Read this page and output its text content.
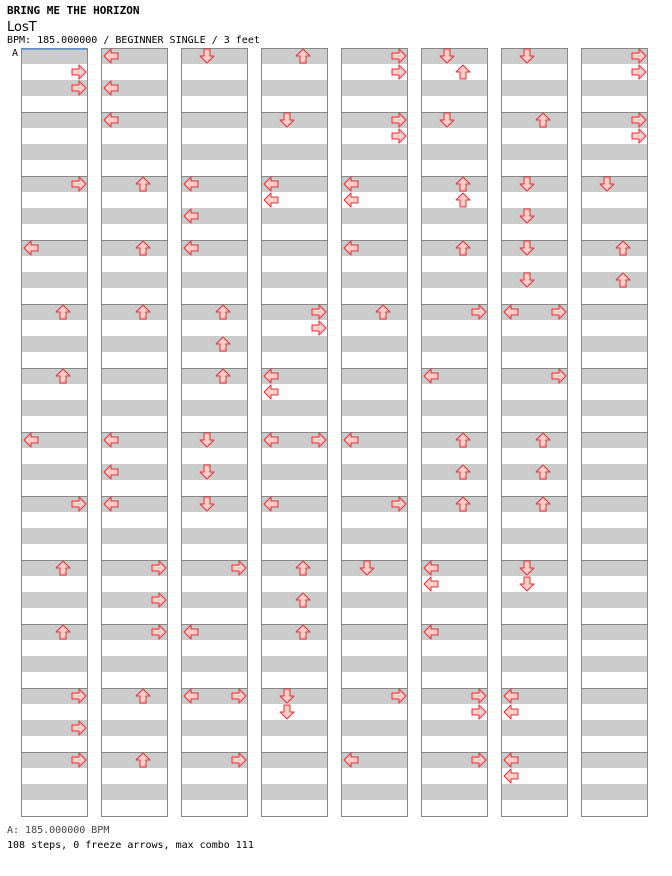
BRING ME THE HORIZON
LosT
BPM: 185.000000 / BEGINNER SINGLE / 3 feet
A
A: 185.000000 BPM
108 steps, 0 freeze arrows, max combo 111
